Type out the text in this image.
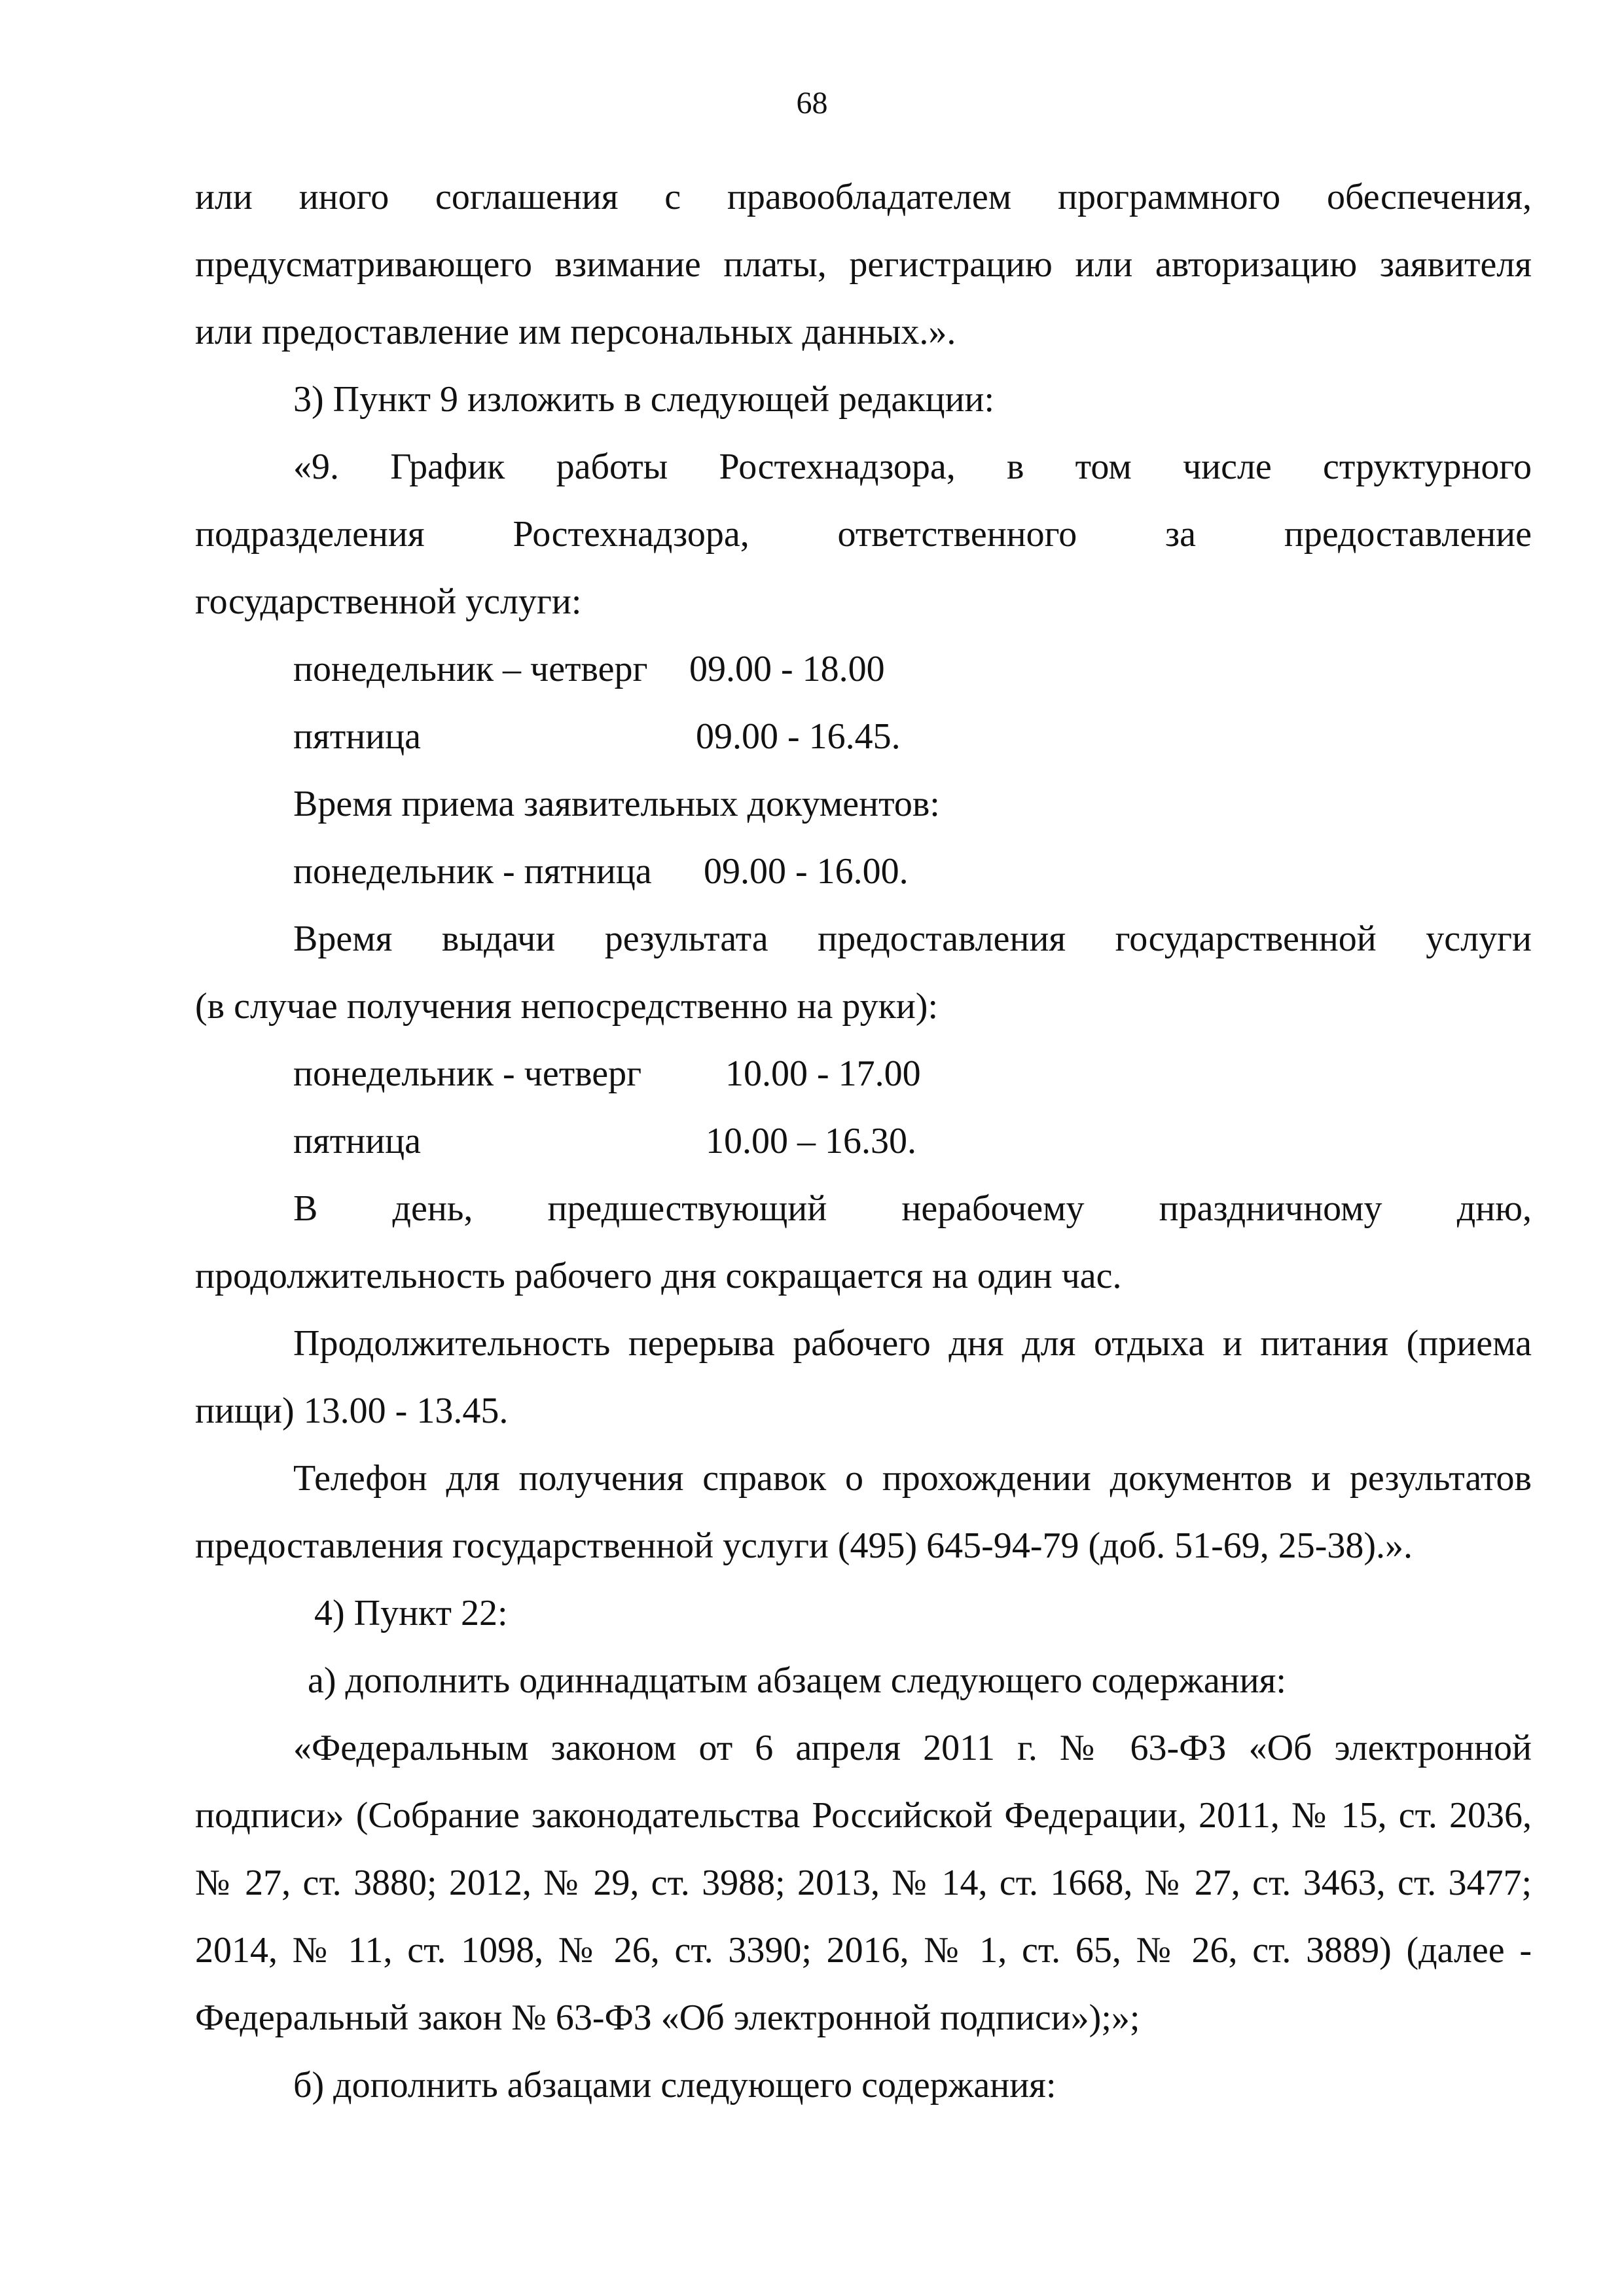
68

или иного соглашения с правообладателем программного обеспечения,

предусматривающего взимание платы, регистрацию или авторизацию заявителя

или предоставление им персональных данных.».

3) Пункт 9 изложить в следующей редакции:

«9. График работы Ростехнадзора, в том числе структурного

подразделения Ростехнадзора, ответственного за предоставление

государственной услуги:

понедельник – четверг	09.00 - 18.00
пятница	09.00 - 16.45.

Время приема заявительных документов:

понедельник - пятница	09.00 - 16.00.

Время выдачи результата предоставления государственной услуги

(в случае получения непосредственно на руки):

понедельник - четверг	10.00 - 17.00
пятница	10.00 – 16.30.

В день, предшествующий нерабочему праздничному дню,

продолжительность рабочего дня сокращается на один час.

Продолжительность перерыва рабочего дня для отдыха и питания (приема пищи) 13.00 - 13.45.

Телефон для получения справок о прохождении документов и результатов предоставления государственной услуги (495) 645-94-79 (доб. 51-69, 25-38).».

4) Пункт 22:

а) дополнить одиннадцатым абзацем следующего содержания:

«Федеральным законом от 6 апреля 2011 г. № 63-ФЗ «Об электронной подписи» (Собрание законодательства Российской Федерации, 2011, № 15, ст. 2036, № 27, ст. 3880; 2012, № 29, ст. 3988; 2013, № 14, ст. 1668, № 27, ст. 3463, ст. 3477; 2014, № 11, ст. 1098, № 26, ст. 3390; 2016, № 1, ст. 65, № 26, ст. 3889) (далее - Федеральный закон № 63-ФЗ «Об электронной подписи»);»;

б) дополнить абзацами следующего содержания:
